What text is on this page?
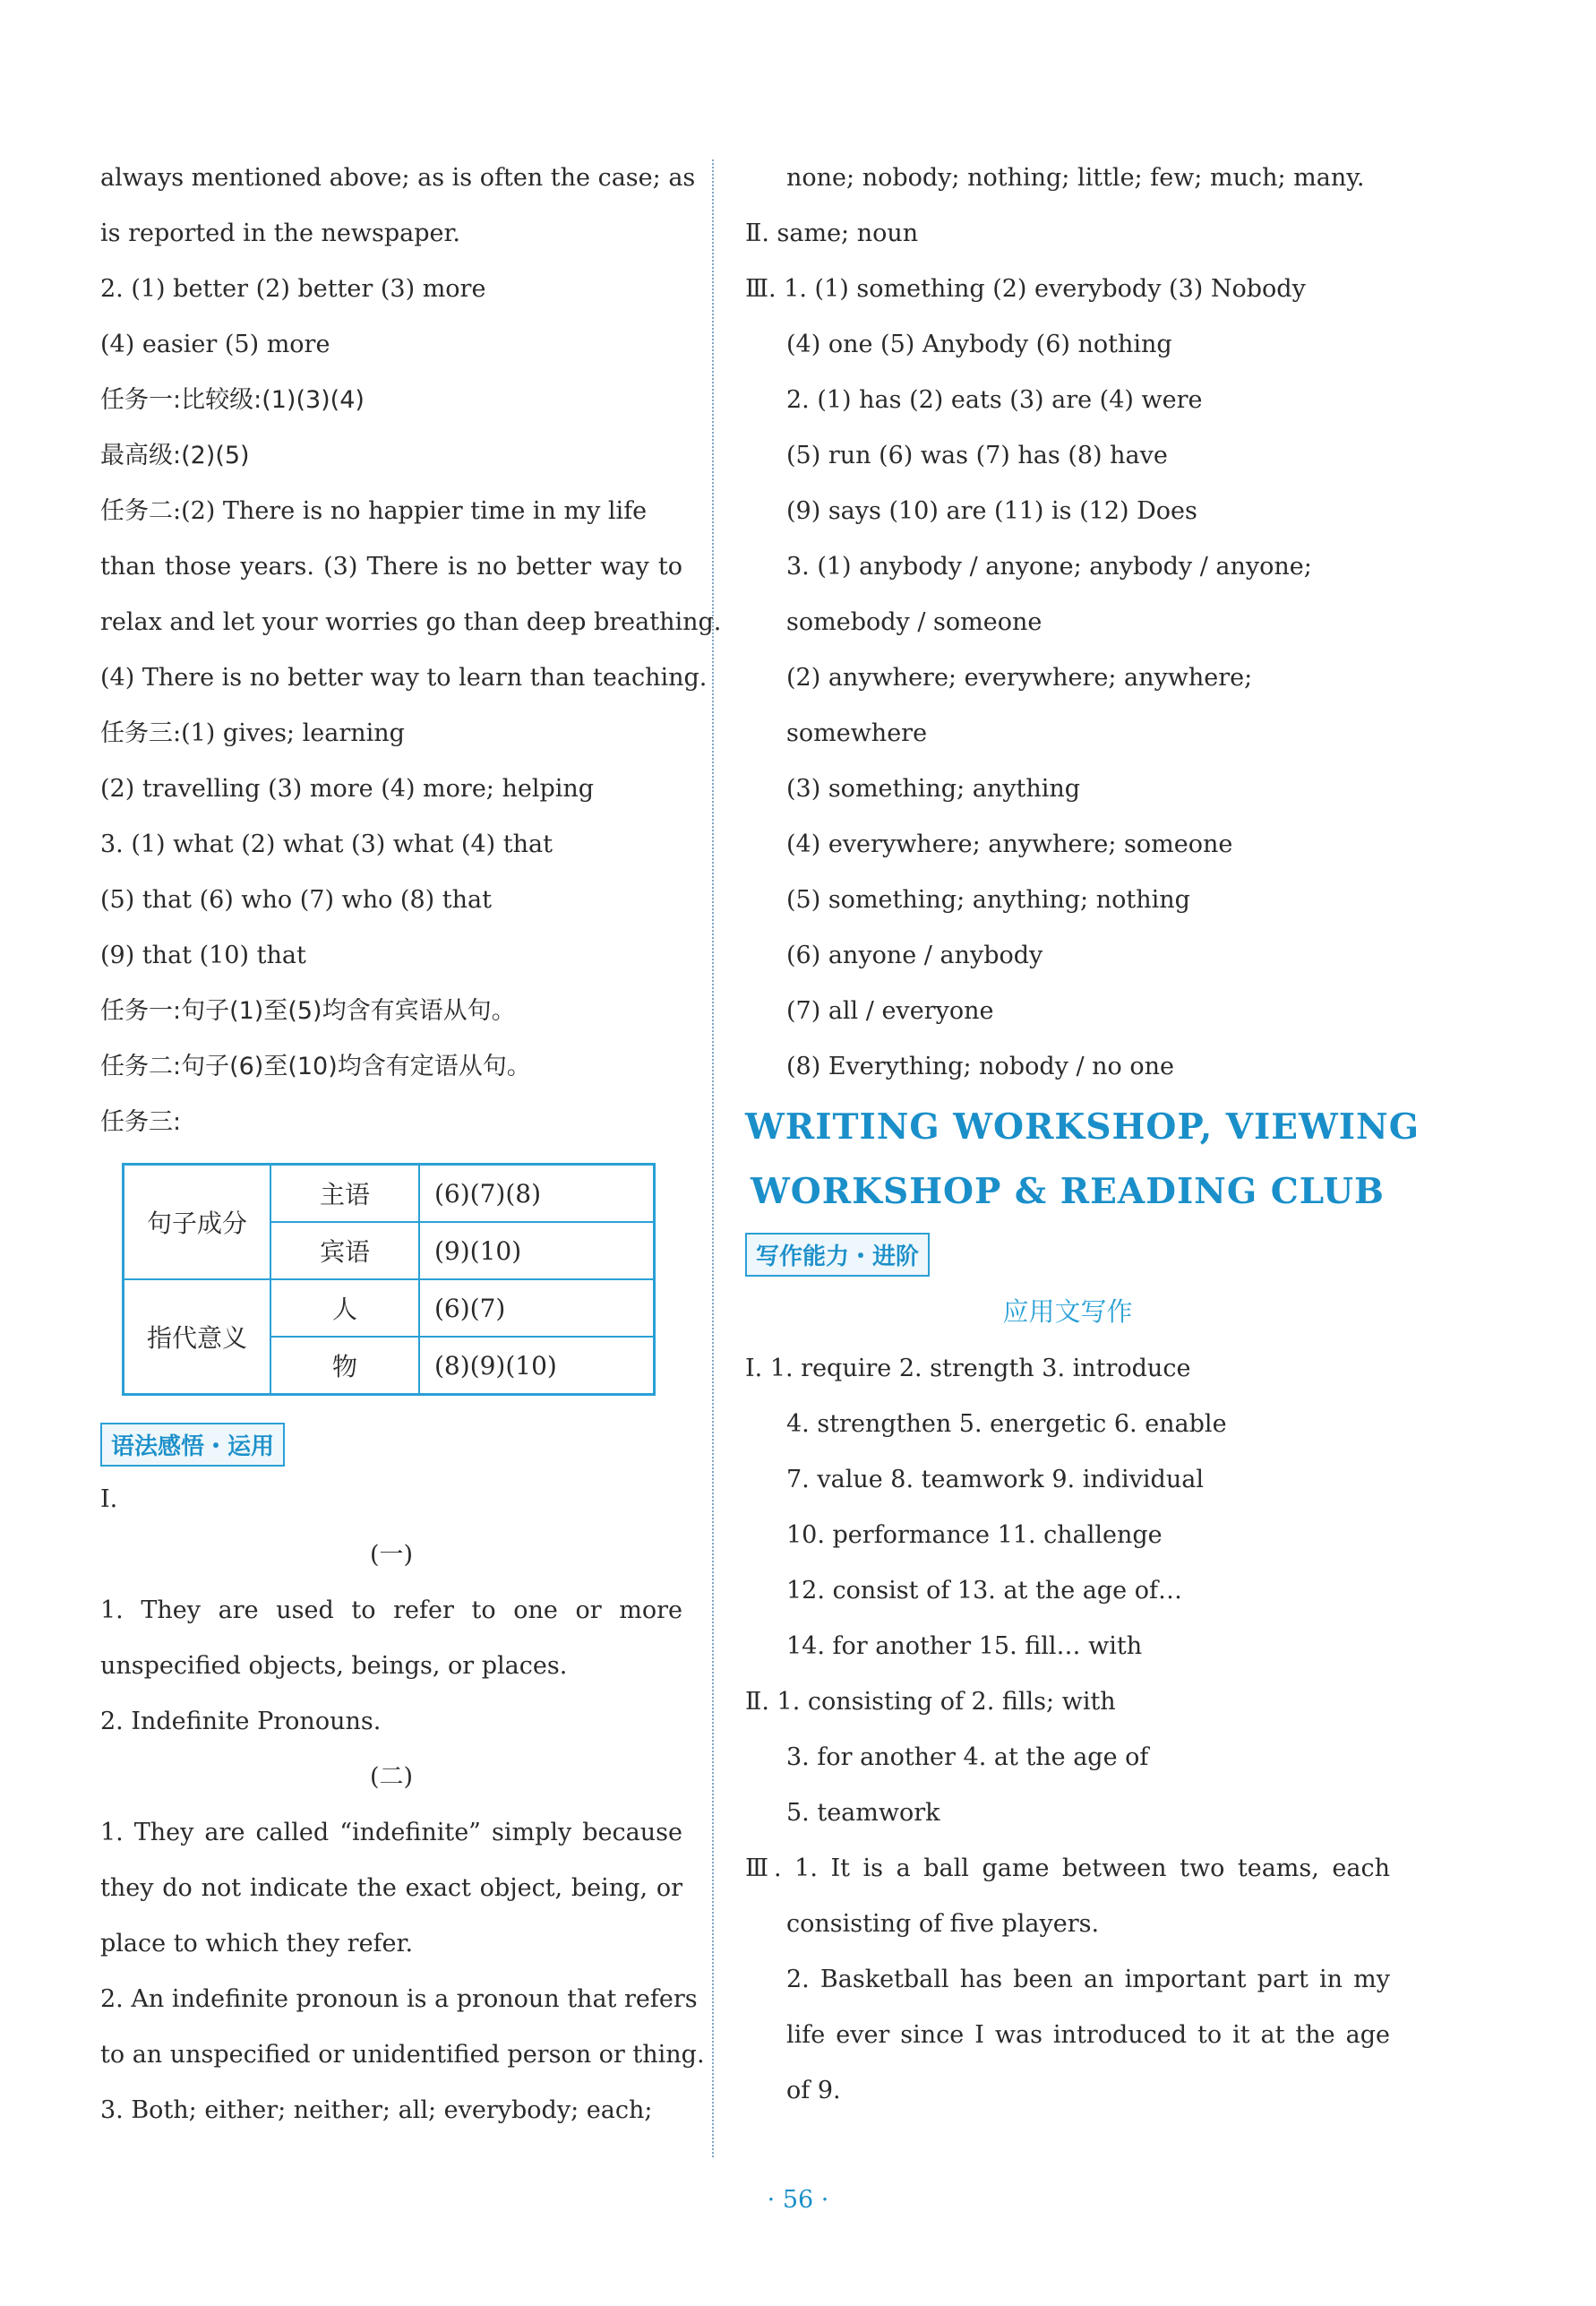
always mentioned above; as is often the case; as
is reported in the newspaper.
2. (1) better (2) better (3) more
(4) easier (5) more
任务一:比较级:(1)(3)(4)
最高级:(2)(5)
任务二:(2) There is no happier time in my life
than those years. (3) There is no better way to
relax and let your worries go than deep breathing.
(4) There is no better way to learn than teaching.
任务三:(1) gives; learning
(2) travelling (3) more (4) more; helping
3. (1) what (2) what (3) what (4) that
(5) that (6) who (7) who (8) that
(9) that (10) that
任务一:句子(1)至(5)均含有宾语从句。
任务二:句子(6)至(10)均含有定语从句。
任务三:
句子成分	主语	(6)(7)(8)
	宾语	(9)(10)
指代意义	人	(6)(7)
	物	(8)(9)(10)
语法感悟・运用
Ⅰ.
(一)
1. They are used to refer to one or more
unspecified objects, beings, or places.
2. Indefinite Pronouns.
(二)
1. They are called “indefinite” simply because
they do not indicate the exact object, being, or
place to which they refer.
2. An indefinite pronoun is a pronoun that refers
to an unspecified or unidentified person or thing.
3. Both; either; neither; all; everybody; each;
none; nobody; nothing; little; few; much; many.
Ⅱ. same; noun
Ⅲ. 1. (1) something (2) everybody (3) Nobody
(4) one (5) Anybody (6) nothing
2. (1) has (2) eats (3) are (4) were
(5) run (6) was (7) has (8) have
(9) says (10) are (11) is (12) Does
3. (1) anybody / anyone; anybody / anyone;
somebody / someone
(2) anywhere; everywhere; anywhere;
somewhere
(3) something; anything
(4) everywhere; anywhere; someone
(5) something; anything; nothing
(6) anyone / anybody
(7) all / everyone
(8) Everything; nobody / no one
WRITING WORKSHOP, VIEWING
WORKSHOP & READING CLUB
写作能力・进阶
应用文写作
Ⅰ. 1. require 2. strength 3. introduce
4. strengthen 5. energetic 6. enable
7. value 8. teamwork 9. individual
10. performance 11. challenge
12. consist of 13. at the age of…
14. for another 15. fill… with
Ⅱ. 1. consisting of 2. fills; with
3. for another 4. at the age of
5. teamwork
Ⅲ. 1. It is a ball game between two teams, each
consisting of five players.
2. Basketball has been an important part in my
life ever since I was introduced to it at the age
of 9.
· 56 ·
